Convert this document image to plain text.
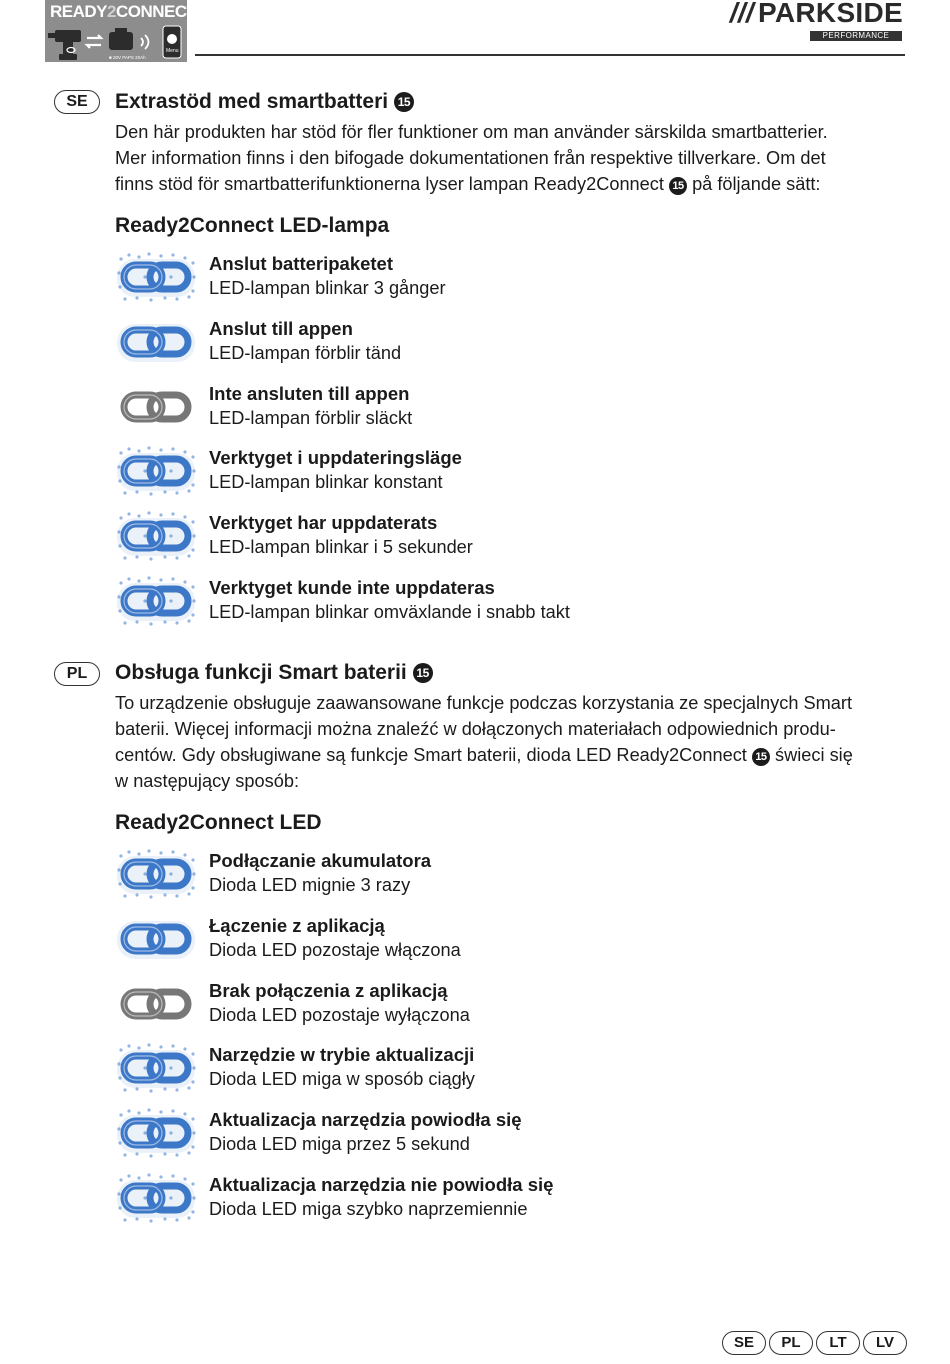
READY2CONNECT
■ 20V PAPS 20Ah
Menu
/// PARKSIDE
PERFORMANCE
SE	Extrastöd med smartbatteri 15
Den här produkten har stöd för fler funktioner om man använder särskilda smartbatterier.
Mer information finns i den bifogade dokumentationen från respektive tillverkare. Om det
finns stöd för smartbatterifunktionerna lyser lampan Ready2Connect 15 på följande sätt:
Ready2Connect LED-lampa
Anslut batteripaketet
LED-lampan blinkar 3 gånger
Anslut till appen
LED-lampan förblir tänd
Inte ansluten till appen
LED-lampan förblir släckt
Verktyget i uppdateringsläge
LED-lampan blinkar konstant
Verktyget har uppdaterats
LED-lampan blinkar i 5 sekunder
Verktyget kunde inte uppdateras
LED-lampan blinkar omväxlande i snabb takt
PL	Obsługa funkcji Smart baterii 15
To urządzenie obsługuje zaawansowane funkcje podczas korzystania ze specjalnych Smart
baterii. Więcej informacji można znaleźć w dołączonych materiałach odpowiednich produ-
centów. Gdy obsługiwane są funkcje Smart baterii, dioda LED Ready2Connect 15 świeci się
w następujący sposób:
Ready2Connect LED
Podłączanie akumulatora
Dioda LED mignie 3 razy
Łączenie z aplikacją
Dioda LED pozostaje włączona
Brak połączenia z aplikacją
Dioda LED pozostaje wyłączona
Narzędzie w trybie aktualizacji
Dioda LED miga w sposób ciągły
Aktualizacja narzędzia powiodła się
Dioda LED miga przez 5 sekund
Aktualizacja narzędzia nie powiodła się
Dioda LED miga szybko naprzemiennie
SE	PL	LT	LV
